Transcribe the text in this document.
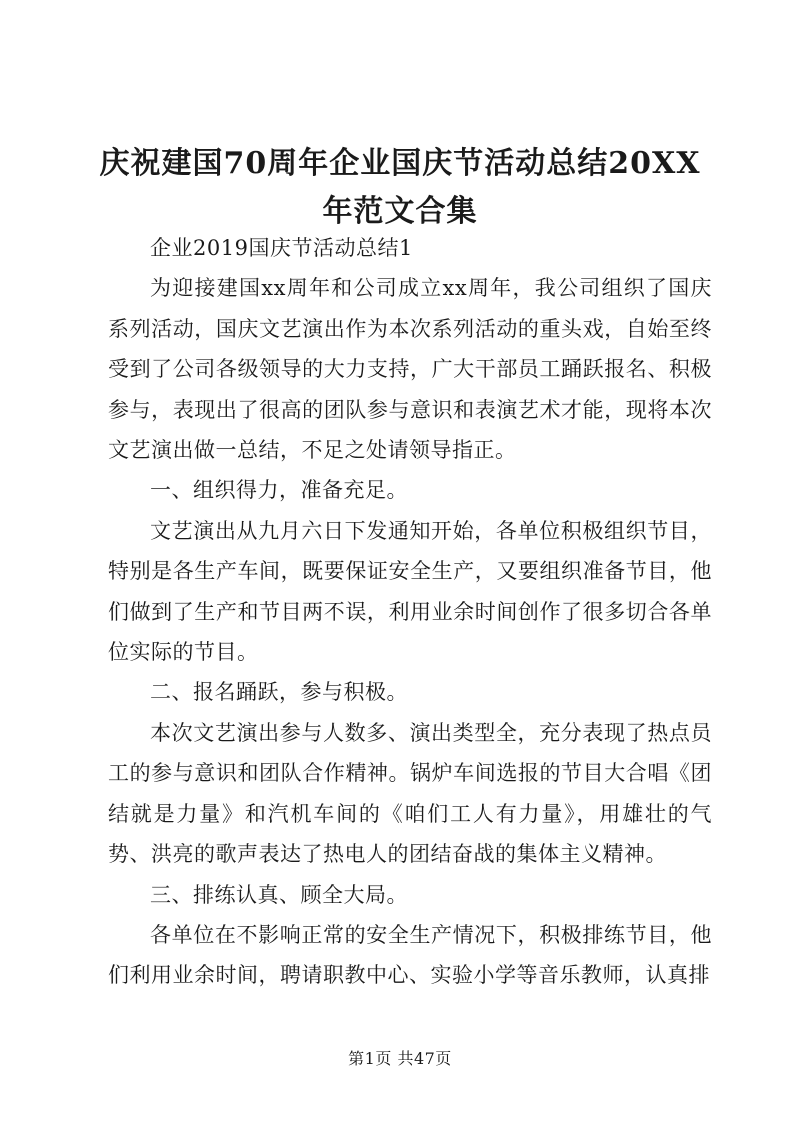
庆祝建国70周年企业国庆节活动总结20XX年范文合集

企业2019国庆节活动总结1

为迎接建国xx周年和公司成立xx周年，我公司组织了国庆系列活动，国庆文艺演出作为本次系列活动的重头戏，自始至终受到了公司各级领导的大力支持，广大干部员工踊跃报名、积极参与，表现出了很高的团队参与意识和表演艺术才能，现将本次文艺演出做一总结，不足之处请领导指正。

一、组织得力，准备充足。

文艺演出从九月六日下发通知开始，各单位积极组织节目，特别是各生产车间，既要保证安全生产，又要组织准备节目，他们做到了生产和节目两不误，利用业余时间创作了很多切合各单位实际的节目。

二、报名踊跃，参与积极。

本次文艺演出参与人数多、演出类型全，充分表现了热点员工的参与意识和团队合作精神。锅炉车间选报的节目大合唱《团结就是力量》和汽机车间的《咱们工人有力量》，用雄壮的气势、洪亮的歌声表达了热电人的团结奋战的集体主义精神。

三、排练认真、顾全大局。

各单位在不影响正常的安全生产情况下，积极排练节目，他们利用业余时间，聘请职教中心、实验小学等音乐教师，认真排

第1页 共47页
